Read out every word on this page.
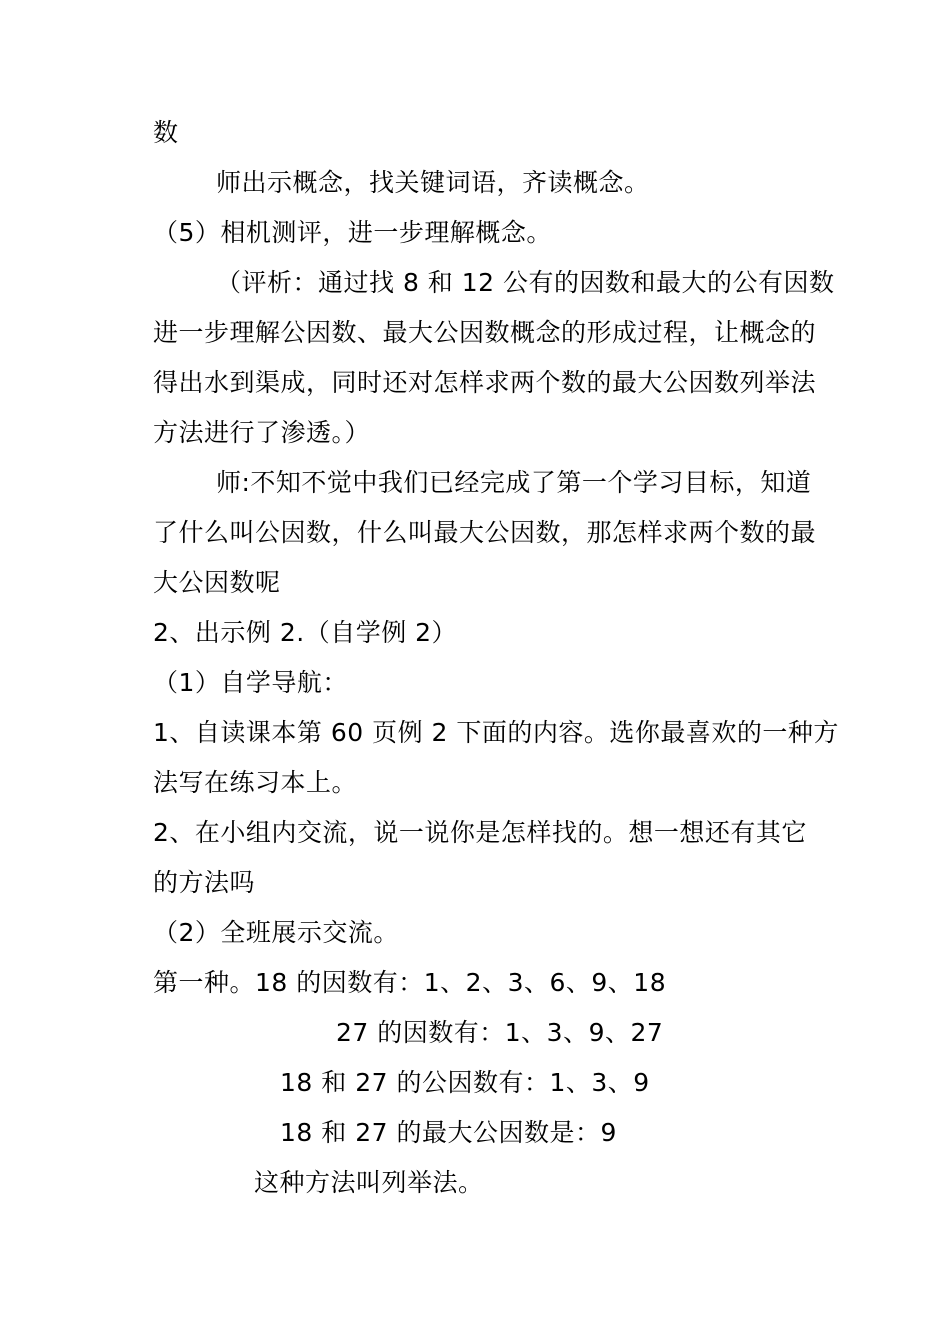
数
师出示概念，找关键词语，齐读概念。
（5）相机测评，进一步理解概念。
（评析：通过找 8 和 12 公有的因数和最大的公有因数
进一步理解公因数、最大公因数概念的形成过程，让概念的
得出水到渠成，同时还对怎样求两个数的最大公因数列举法
方法进行了渗透。）
师:不知不觉中我们已经完成了第一个学习目标，知道
了什么叫公因数，什么叫最大公因数，那怎样求两个数的最
大公因数呢
2、出示例 2.（自学例 2）
（1）自学导航：
1、自读课本第 60 页例 2 下面的内容。选你最喜欢的一种方
法写在练习本上。
2、在小组内交流，说一说你是怎样找的。想一想还有其它
的方法吗
（2）全班展示交流。
第一种。18 的因数有：1、2、3、6、9、18
27 的因数有：1、3、9、27
18 和 27 的公因数有：1、3、9
18 和 27 的最大公因数是：9
这种方法叫列举法。
